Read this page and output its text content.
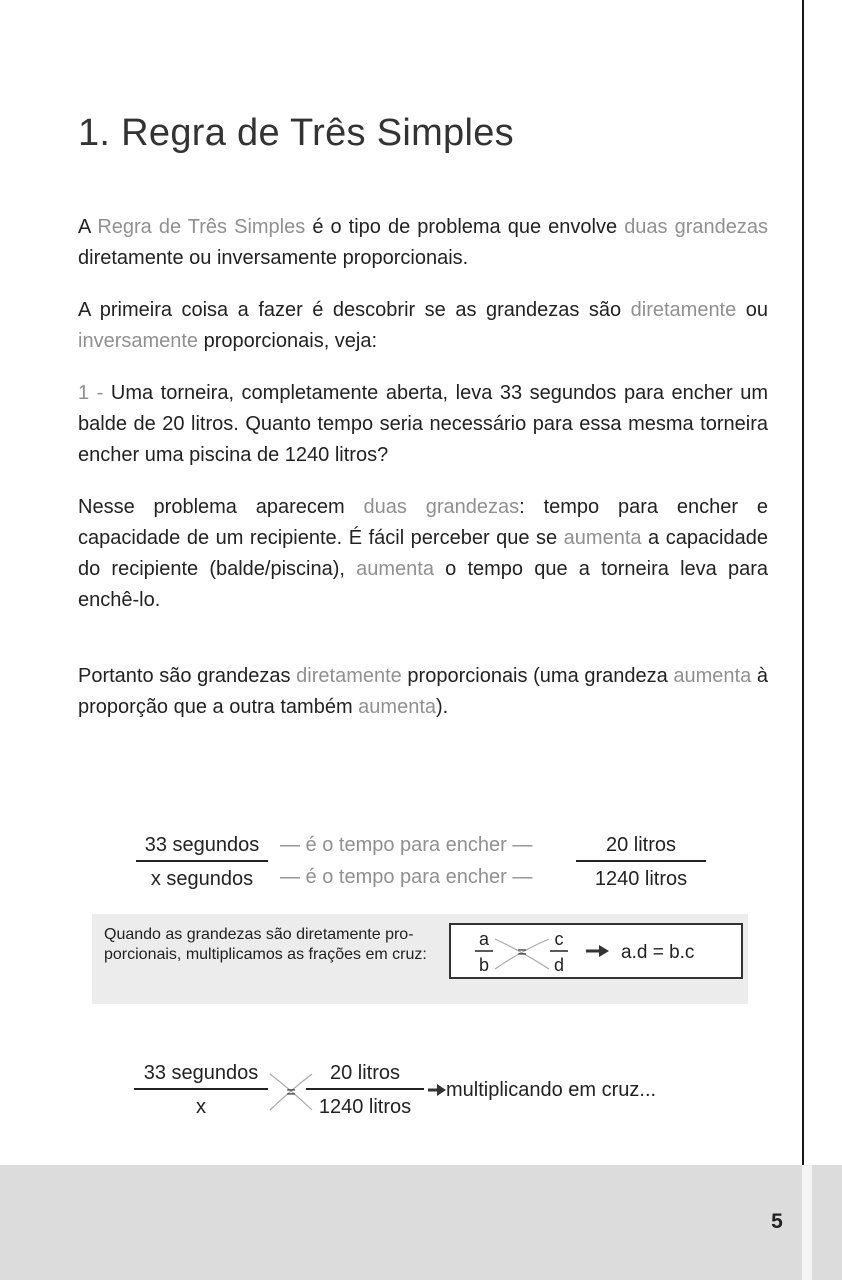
5
1. Regra de Três Simples

A Regra de Três Simples é o tipo de problema que envolve duas grandezas diretamente ou inversamente proporcionais.

A primeira coisa a fazer é descobrir se as grandezas são diretamente ou inversamente proporcionais, veja:

1 - Uma torneira, completamente aberta, leva 33 segundos para encher um balde de 20 litros. Quanto tempo seria necessário para essa mesma torneira encher uma piscina de 1240 litros?

Nesse problema aparecem duas grandezas: tempo para encher e capacidade de um recipiente. É fácil perceber que se aumenta a capacidade do recipiente (balde/piscina), aumenta o tempo que a torneira leva para enchê-lo.

Portanto são grandezas diretamente proporcionais (uma grandeza aumenta à proporção que a outra também aumenta).

33 segundos
x segundos
— é o tempo para encher —
— é o tempo para encher —
20 litros
1240 litros
Quando as grandezas são diretamente pro-porcionais, multiplicamos as frações em cruz:
a
b
=
c
d
a.d = b.c
33 segundos
x
=
20 litros
1240 litros
multiplicando em cruz...
